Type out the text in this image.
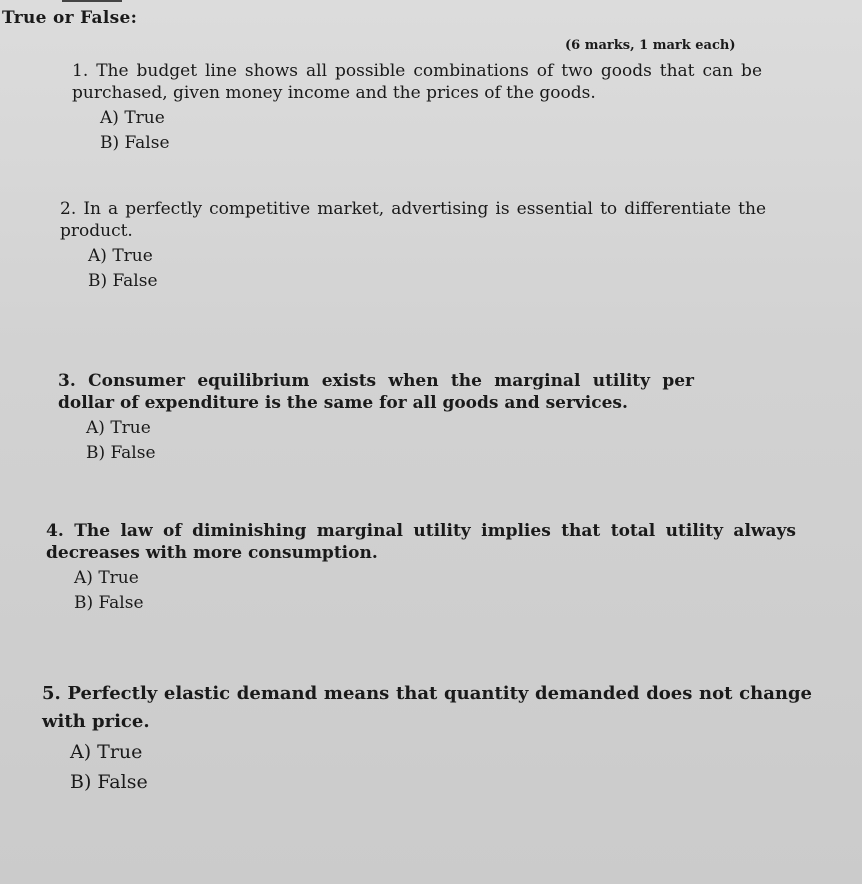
True or False:
(6 marks, 1 mark each)

1. The budget line shows all possible combinations of two goods that can be purchased, given money income and the prices of the goods.

A) True
B) False

2. In a perfectly competitive market, advertising is essential to differentiate the product.

A) True
B) False

3. Consumer equilibrium exists when the marginal utility per dollar of expenditure is the same for all goods and services.

A) True
B) False

4. The law of diminishing marginal utility implies that total utility always decreases with more consumption.

A) True
B) False

5. Perfectly elastic demand means that quantity demanded does not change with price.

A) True
B) False
